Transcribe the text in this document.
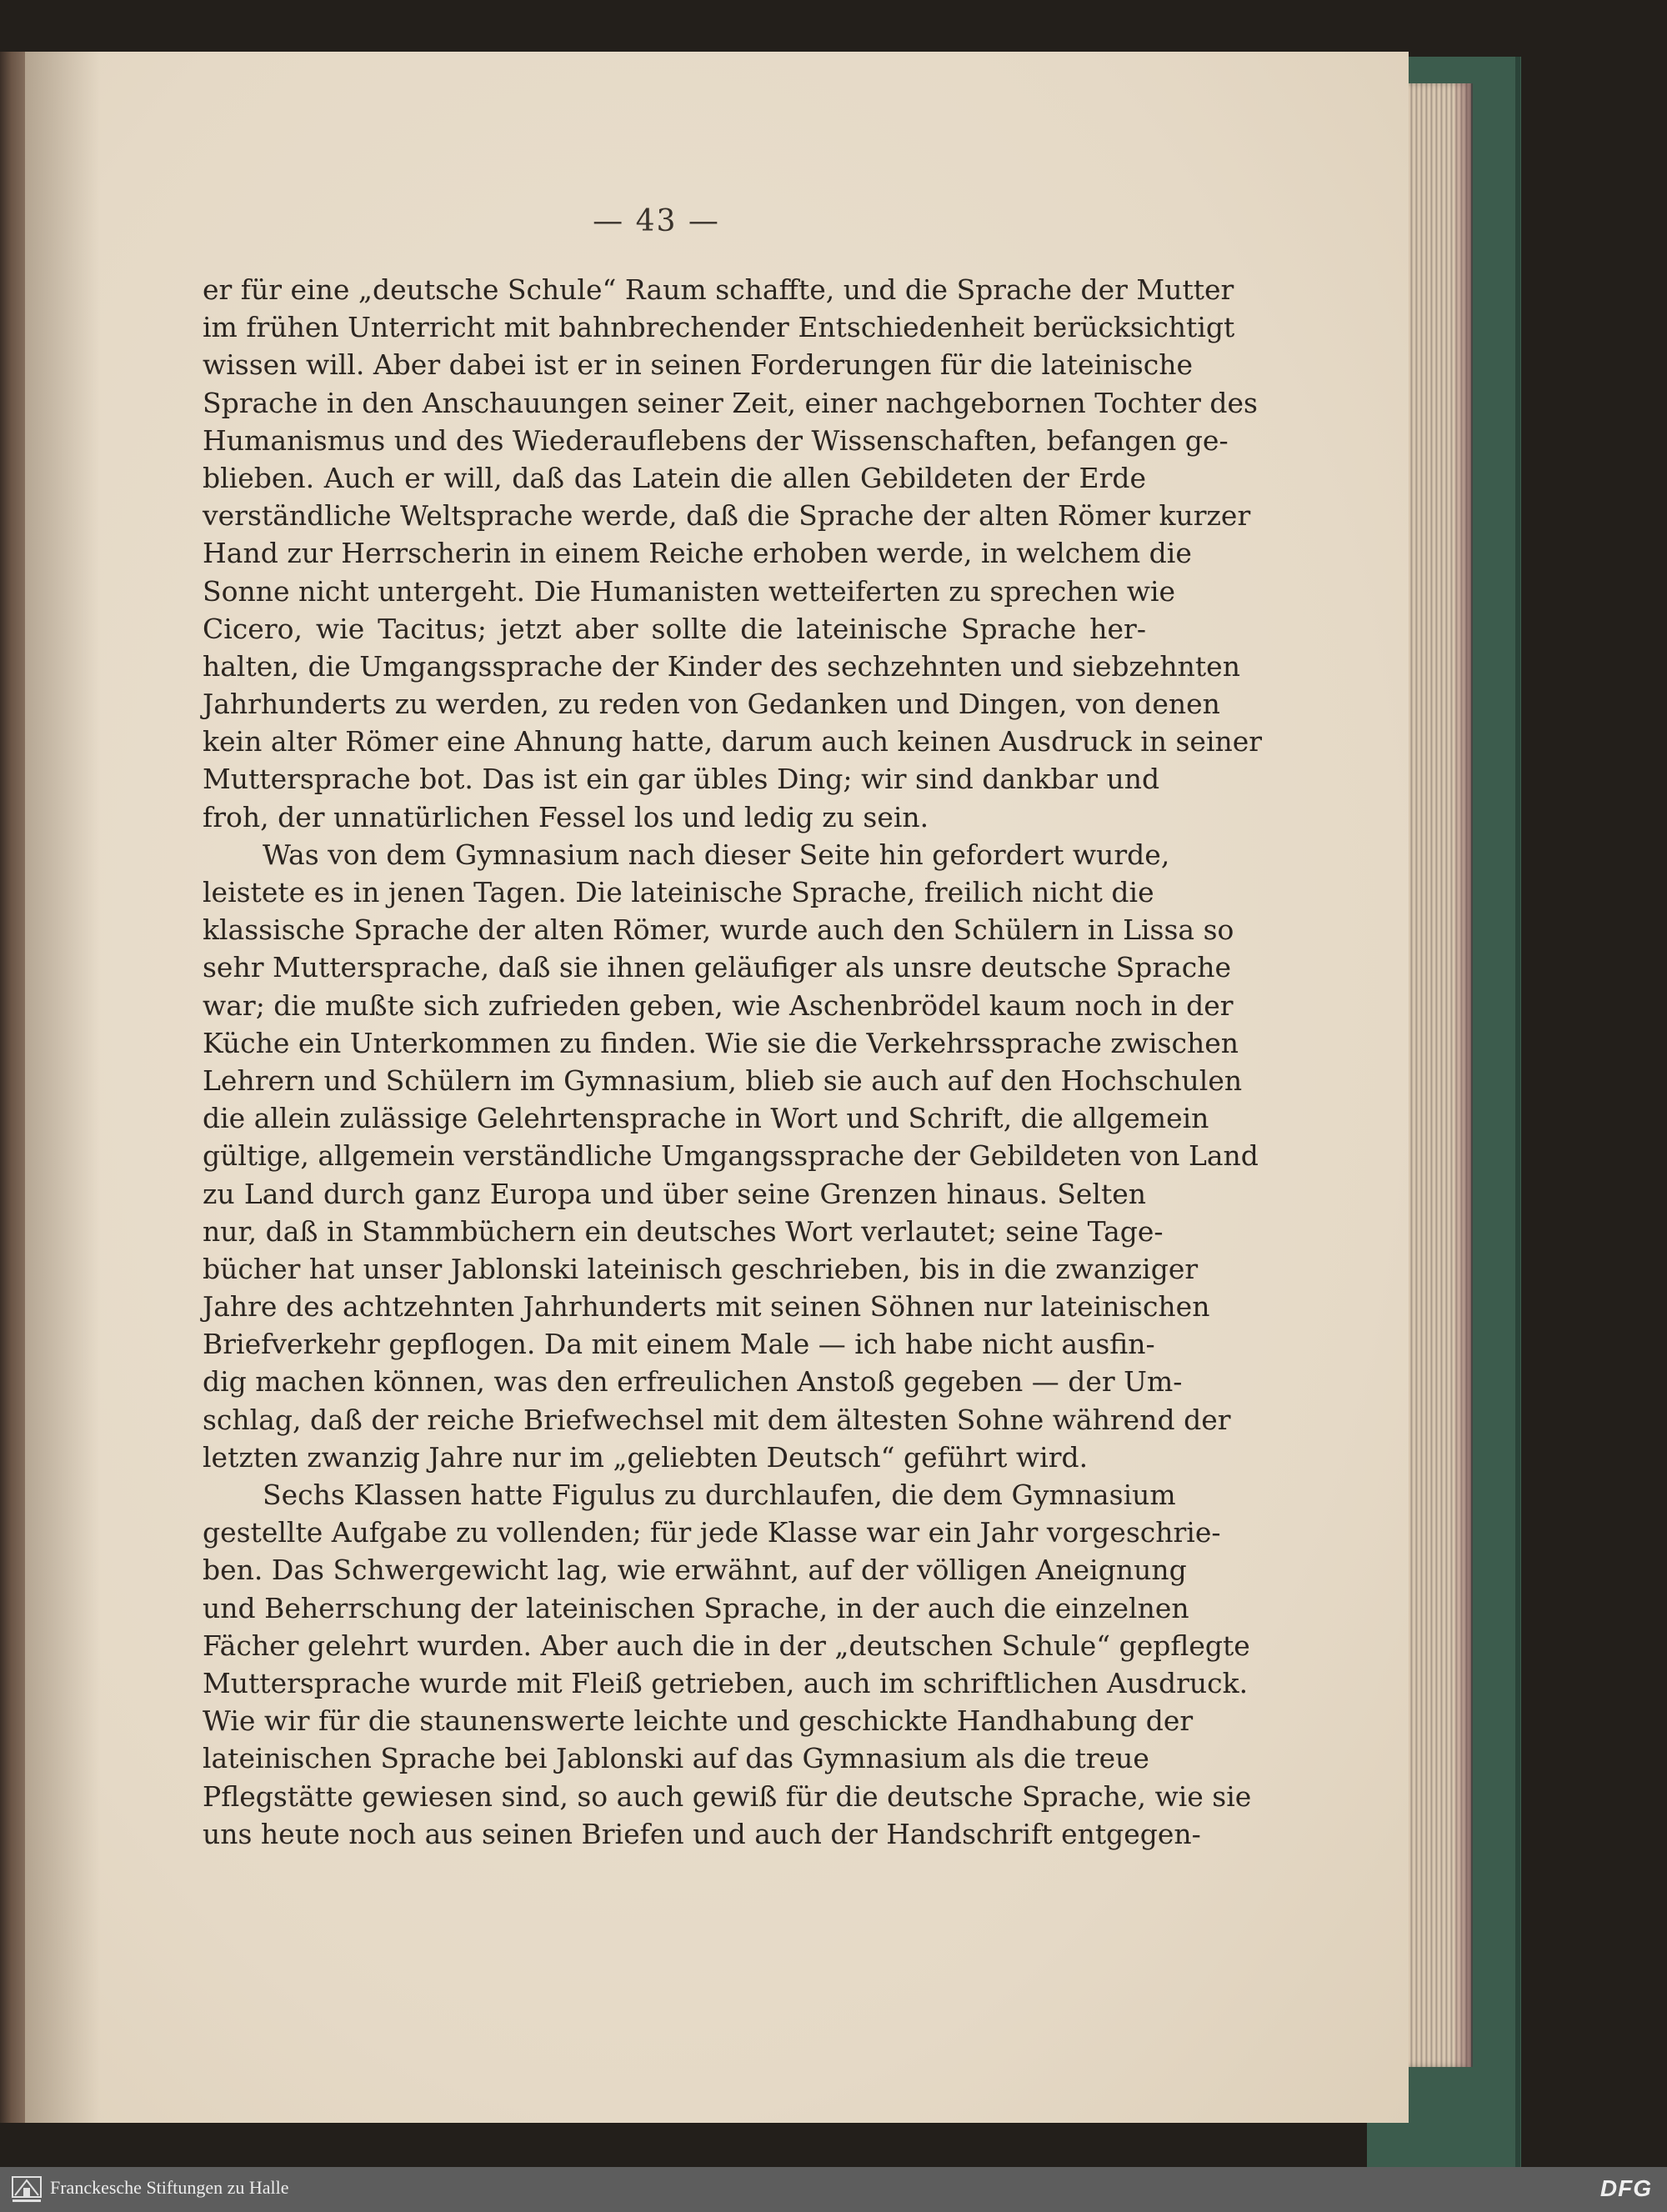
— 43 —
er für eine „deutsche Schule“ Raum schaffte, und die Sprache der Mutter
im frühen Unterricht mit bahnbrechender Entschiedenheit berücksichtigt
wissen will. Aber dabei ist er in seinen Forderungen für die lateinische
Sprache in den Anschauungen seiner Zeit, einer nachgebornen Tochter des
Humanismus und des Wiederauflebens der Wissenschaften, befangen ge-
blieben. Auch er will, daß das Latein die allen Gebildeten der Erde
verständliche Weltsprache werde, daß die Sprache der alten Römer kurzer
Hand zur Herrscherin in einem Reiche erhoben werde, in welchem die
Sonne nicht untergeht. Die Humanisten wetteiferten zu sprechen wie
Cicero, wie Tacitus; jetzt aber sollte die lateinische Sprache her-
halten, die Umgangssprache der Kinder des sechzehnten und siebzehnten
Jahrhunderts zu werden, zu reden von Gedanken und Dingen, von denen
kein alter Römer eine Ahnung hatte, darum auch keinen Ausdruck in seiner
Muttersprache bot. Das ist ein gar übles Ding; wir sind dankbar und
froh, der unnatürlichen Fessel los und ledig zu sein.
Was von dem Gymnasium nach dieser Seite hin gefordert wurde,
leistete es in jenen Tagen. Die lateinische Sprache, freilich nicht die
klassische Sprache der alten Römer, wurde auch den Schülern in Lissa so
sehr Muttersprache, daß sie ihnen geläufiger als unsre deutsche Sprache
war; die mußte sich zufrieden geben, wie Aschenbrödel kaum noch in der
Küche ein Unterkommen zu finden. Wie sie die Verkehrssprache zwischen
Lehrern und Schülern im Gymnasium, blieb sie auch auf den Hochschulen
die allein zulässige Gelehrtensprache in Wort und Schrift, die allgemein
gültige, allgemein verständliche Umgangssprache der Gebildeten von Land
zu Land durch ganz Europa und über seine Grenzen hinaus. Selten
nur, daß in Stammbüchern ein deutsches Wort verlautet; seine Tage-
bücher hat unser Jablonski lateinisch geschrieben, bis in die zwanziger
Jahre des achtzehnten Jahrhunderts mit seinen Söhnen nur lateinischen
Briefverkehr gepflogen. Da mit einem Male — ich habe nicht ausfin-
dig machen können, was den erfreulichen Anstoß gegeben — der Um-
schlag, daß der reiche Briefwechsel mit dem ältesten Sohne während der
letzten zwanzig Jahre nur im „geliebten Deutsch“ geführt wird.
Sechs Klassen hatte Figulus zu durchlaufen, die dem Gymnasium
gestellte Aufgabe zu vollenden; für jede Klasse war ein Jahr vorgeschrie-
ben. Das Schwergewicht lag, wie erwähnt, auf der völligen Aneignung
und Beherrschung der lateinischen Sprache, in der auch die einzelnen
Fächer gelehrt wurden. Aber auch die in der „deutschen Schule“ gepflegte
Muttersprache wurde mit Fleiß getrieben, auch im schriftlichen Ausdruck.
Wie wir für die staunenswerte leichte und geschickte Handhabung der
lateinischen Sprache bei Jablonski auf das Gymnasium als die treue
Pflegstätte gewiesen sind, so auch gewiß für die deutsche Sprache, wie sie
uns heute noch aus seinen Briefen und auch der Handschrift entgegen-
Franckesche Stiftungen zu Halle	DFG
